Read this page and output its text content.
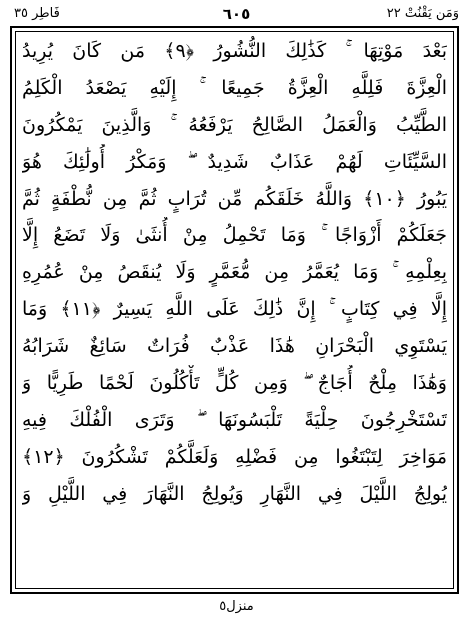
وَمَن يَقْنُتْ ٢٢
٦٠٥
فَاطِر ٣٥
بَعْدَ مَوْتِهَا ۚ كَذَٰلِكَ النُّشُورُ ﴿٩﴾ مَن كَانَ يُرِيدُ
الْعِزَّةَ فَلِلَّهِ الْعِزَّةُ جَمِيعًا ۚ إِلَيْهِ يَصْعَدُ الْكَلِمُ
الطَّيِّبُ وَالْعَمَلُ الصَّالِحُ يَرْفَعُهُ ۚ وَالَّذِينَ يَمْكُرُونَ
السَّيِّئَاتِ لَهُمْ عَذَابٌ شَدِيدٌ ۖ وَمَكْرُ أُولَٰئِكَ هُوَ
يَبُورُ ﴿١٠﴾ وَاللَّهُ خَلَقَكُم مِّن تُرَابٍ ثُمَّ مِن نُّطْفَةٍ ثُمَّ
جَعَلَكُمْ أَزْوَاجًا ۚ وَمَا تَحْمِلُ مِنْ أُنثَىٰ وَلَا تَضَعُ إِلَّا
بِعِلْمِهِ ۚ وَمَا يُعَمَّرُ مِن مُّعَمَّرٍ وَلَا يُنقَصُ مِنْ عُمُرِهِ
إِلَّا فِي كِتَابٍ ۚ إِنَّ ذَٰلِكَ عَلَى اللَّهِ يَسِيرٌ ﴿١١﴾ وَمَا
يَسْتَوِي الْبَحْرَانِ هَٰذَا عَذْبٌ فُرَاتٌ سَائِغٌ شَرَابُهُ
وَهَٰذَا مِلْحٌ أُجَاجٌ ۖ وَمِن كُلٍّ تَأْكُلُونَ لَحْمًا طَرِيًّا وَ
تَسْتَخْرِجُونَ حِلْيَةً تَلْبَسُونَهَا ۖ وَتَرَى الْفُلْكَ فِيهِ
مَوَاخِرَ لِتَبْتَغُوا مِن فَضْلِهِ وَلَعَلَّكُمْ تَشْكُرُونَ ﴿١٢﴾
يُولِجُ اللَّيْلَ فِي النَّهَارِ وَيُولِجُ النَّهَارَ فِي اللَّيْلِ وَ
منزل٥
